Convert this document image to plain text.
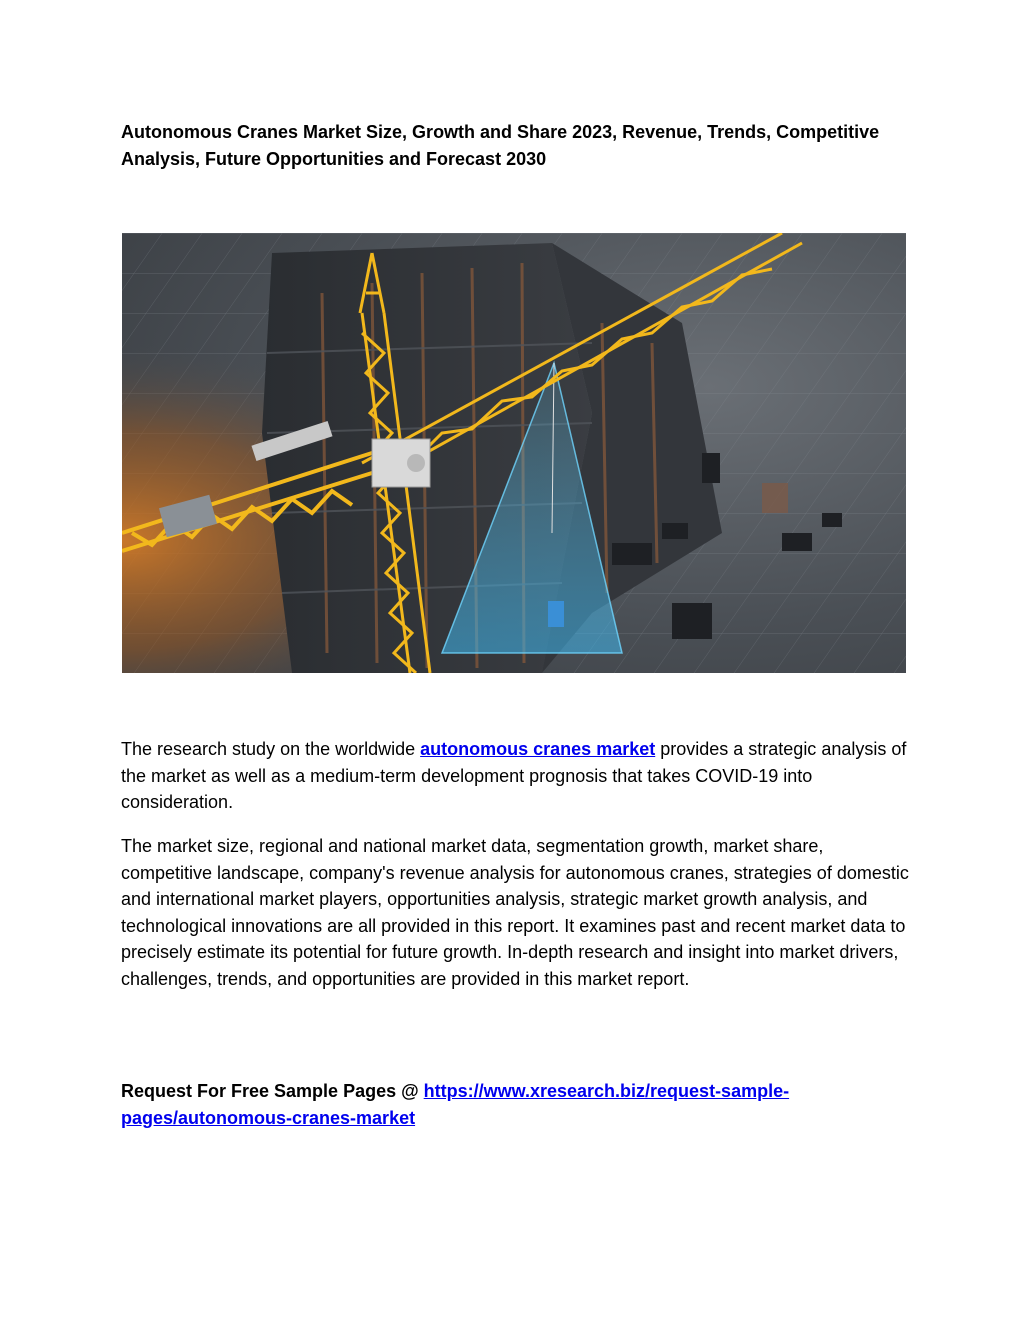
Autonomous Cranes Market Size, Growth and Share 2023, Revenue, Trends, Competitive Analysis, Future Opportunities and Forecast 2030

The research study on the worldwide autonomous cranes market provides a strategic analysis of the market as well as a medium-term development prognosis that takes COVID-19 into consideration.

The market size, regional and national market data, segmentation growth, market share, competitive landscape, company's revenue analysis for autonomous cranes, strategies of domestic and international market players, opportunities analysis, strategic market growth analysis, and technological innovations are all provided in this report. It examines past and recent market data to precisely estimate its potential for future growth. In-depth research and insight into market drivers, challenges, trends, and opportunities are provided in this market report.

Request For Free Sample Pages @ https://www.xresearch.biz/request-sample-pages/autonomous-cranes-market
